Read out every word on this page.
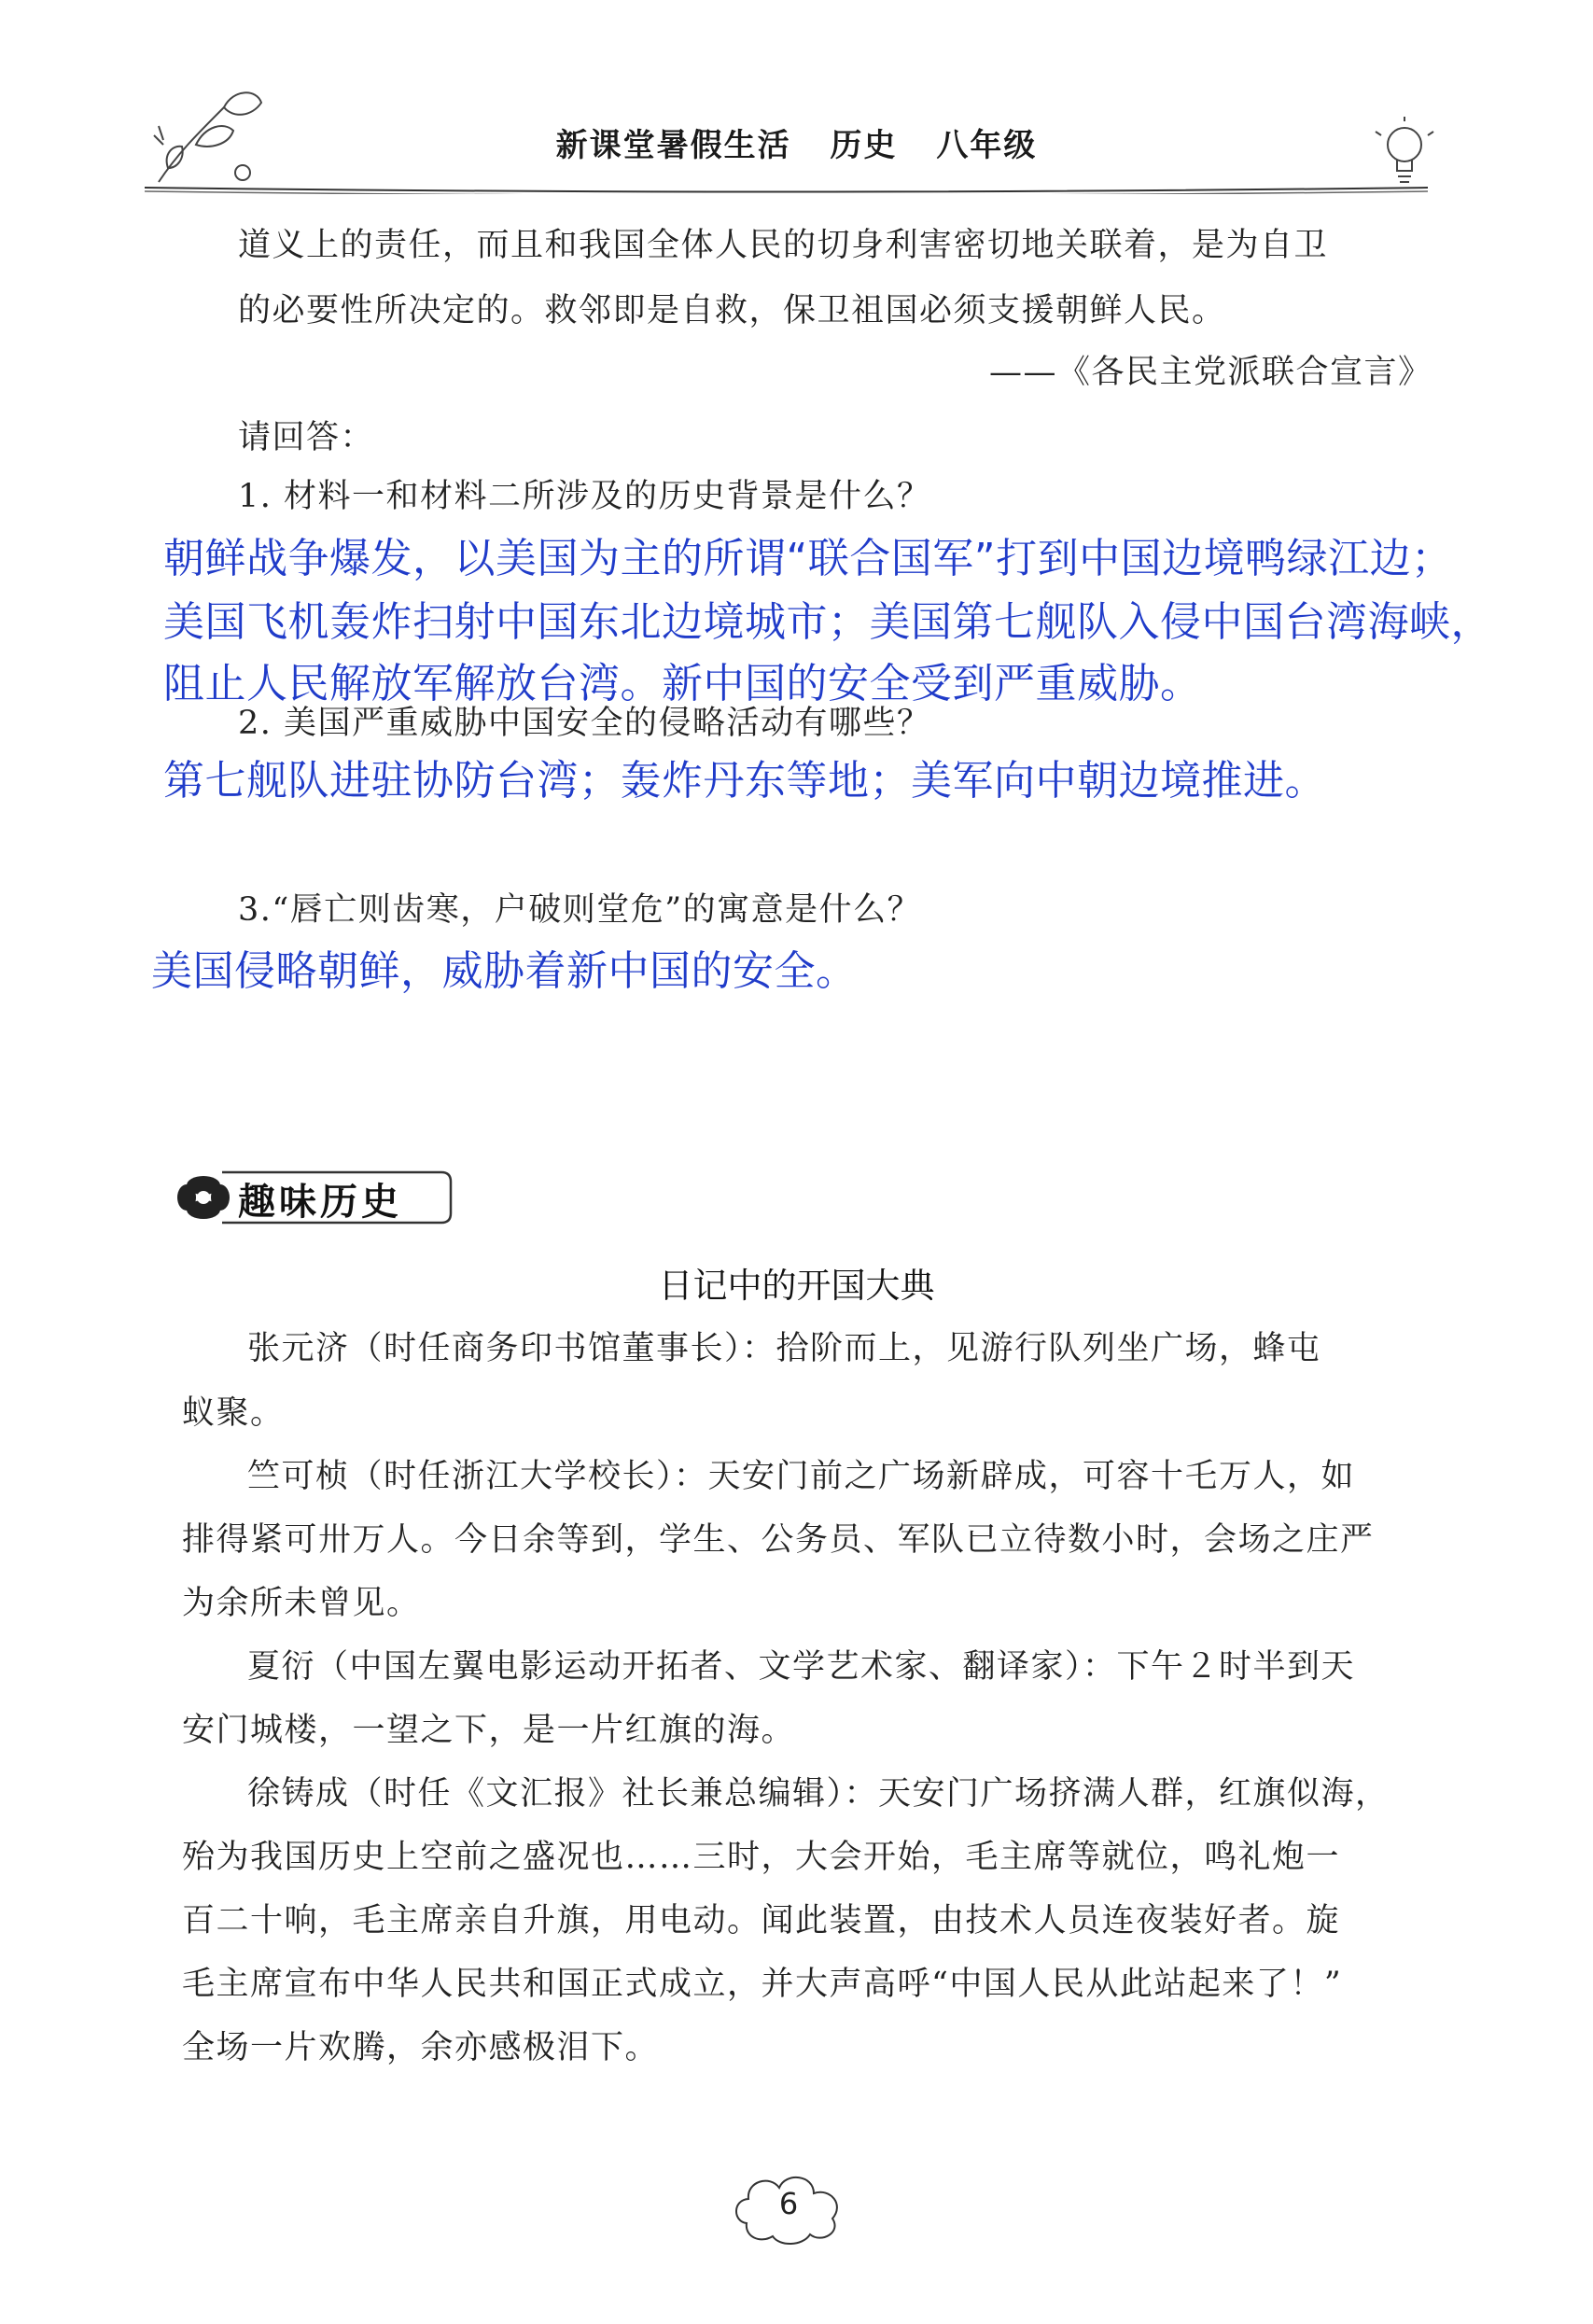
新课堂暑假生活 历史 八年级
道义上的责任，而且和我国全体人民的切身利害密切地关联着，是为自卫
的必要性所决定的。救邻即是自救，保卫祖国必须支援朝鲜人民。
——《各民主党派联合宣言》
请回答：
1. 材料一和材料二所涉及的历史背景是什么？
朝鲜战争爆发，以美国为主的所谓“联合国军”打到中国边境鸭绿江边；
美国飞机轰炸扫射中国东北边境城市；美国第七舰队入侵中国台湾海峡，
阻止人民解放军解放台湾。新中国的安全受到严重威胁。
2. 美国严重威胁中国安全的侵略活动有哪些？
第七舰队进驻协防台湾；轰炸丹东等地；美军向中朝边境推进。
3.“唇亡则齿寒，户破则堂危”的寓意是什么？
美国侵略朝鲜，威胁着新中国的安全。
趣味历史
日记中的开国大典
张元济（时任商务印书馆董事长）：拾阶而上，见游行队列坐广场，蜂屯
蚁聚。
竺可桢（时任浙江大学校长）：天安门前之广场新辟成，可容十乇万人，如
排得紧可卅万人。今日余等到，学生、公务员、军队已立待数小时，会场之庄严
为余所未曾见。
夏衍（中国左翼电影运动开拓者、文学艺术家、翻译家）：下午２时半到天
安门城楼，一望之下，是一片红旗的海。
徐铸成（时任《文汇报》社长兼总编辑）：天安门广场挤满人群，红旗似海，
殆为我国历史上空前之盛况也……三时，大会开始，毛主席等就位，鸣礼炮一
百二十响，毛主席亲自升旗，用电动。闻此装置，由技术人员连夜装好者。旋
毛主席宣布中华人民共和国正式成立，并大声高呼“中国人民从此站起来了！”
全场一片欢腾，余亦感极泪下。
6
